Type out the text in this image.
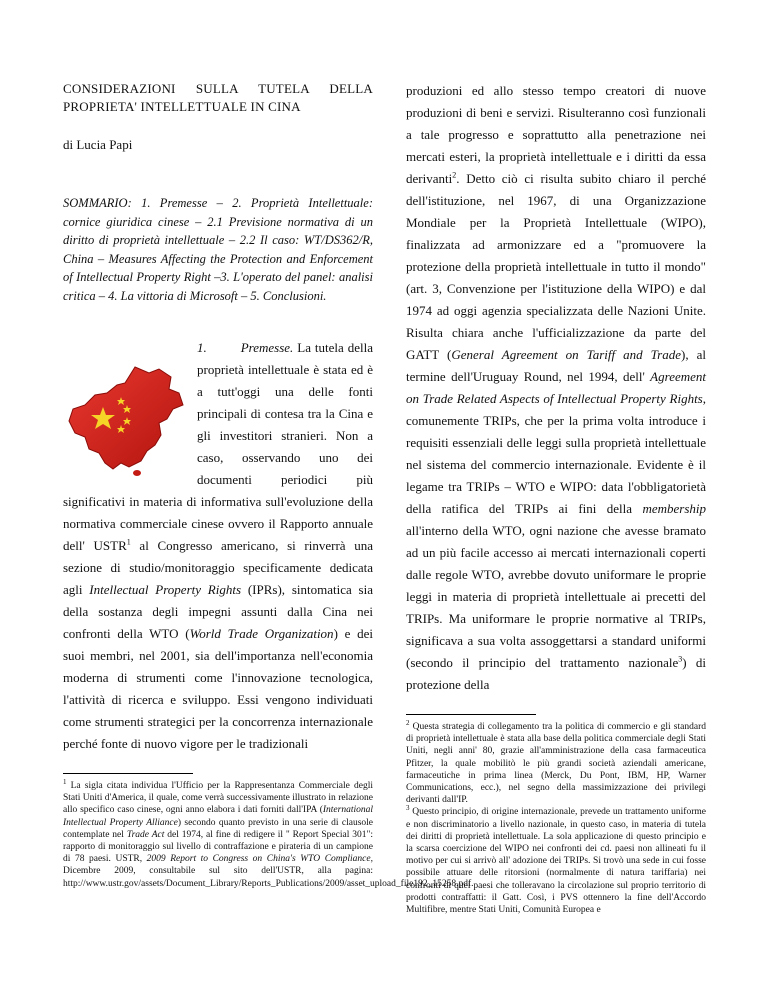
CONSIDERAZIONI SULLA TUTELA DELLA PROPRIETA' INTELLETTUALE IN CINA

di Lucia Papi

SOMMARIO: 1. Premesse – 2. Proprietà Intellettuale: cornice giuridica cinese – 2.1 Previsione normativa di un diritto di proprietà intellettuale – 2.2 Il caso: WT/DS362/R, China – Measures Affecting the Protection and Enforcement of Intellectual Property Right –3. L'operato del panel: analisi critica – 4. La vittoria di Microsoft – 5. Conclusioni.

1.	Premesse. La tutela della proprietà intellettuale è stata ed è a tutt'oggi una delle fonti principali di contesa tra la Cina e gli investitori stranieri. Non a caso, osservando uno dei documenti periodici più significativi in materia di informativa sull'evoluzione della normativa commerciale cinese ovvero il Rapporto annuale dell' USTR$^1$ al Congresso americano, si rinverrà una sezione di studio/monitoraggio specificamente dedicata agli Intellectual Property Rights (IPRs), sintomatica sia della sostanza degli impegni assunti dalla Cina nei confronti della WTO (World Trade Organization) e dei suoi membri, nel 2001, sia dell'importanza nell'economia moderna di strumenti come l'innovazione tecnologica, l'attività di ricerca e sviluppo. Essi vengono individuati come strumenti strategici per la concorrenza internazionale perché fonte di nuovo vigore per le tradizionali

$^1$ La sigla citata individua l'Ufficio per la Rappresentanza Commerciale degli Stati Uniti d'America, il quale, come verrà successivamente illustrato in relazione allo specifico caso cinese, ogni anno elabora i dati forniti dall'IPA (International Intellectual Property Alliance) secondo quanto previsto in una serie di clausole contemplate nel Trade Act del 1974, al fine di redigere il " Report Special 301": rapporto di monitoraggio sul livello di contraffazione e pirateria di un campione di 78 paesi. USTR, 2009 Report to Congress on China's WTO Compliance, Dicembre 2009, consultabile sul sito dell'USTR, alla pagina: http://www.ustr.gov/assets/Document_Library/Reports_Publications/2009/asset_upload_file192_15258.pdf.

produzioni ed allo stesso tempo creatori di nuove produzioni di beni e servizi. Risulteranno così funzionali a tale progresso e soprattutto alla penetrazione nei mercati esteri, la proprietà intellettuale e i diritti da essa derivanti$^2$. Detto ciò ci risulta subito chiaro il perché dell'istituzione, nel 1967, di una Organizzazione Mondiale per la Proprietà Intellettuale (WIPO), finalizzata ad armonizzare ed a "promuovere la protezione della proprietà intellettuale in tutto il mondo" (art. 3, Convenzione per l'istituzione della WIPO) e dal 1974 ad oggi agenzia specializzata delle Nazioni Unite. Risulta chiara anche l'ufficializzazione da parte del GATT (General Agreement on Tariff and Trade), al termine dell'Uruguay Round, nel 1994, dell' Agreement on Trade Related Aspects of Intellectual Property Rights, comunemente TRIPs, che per la prima volta introduce i requisiti essenziali delle leggi sulla proprietà intellettuale nel sistema del commercio internazionale. Evidente è il legame tra TRIPs – WTO e WIPO: data l'obbligatorietà della ratifica del TRIPs ai fini della membership all'interno della WTO, ogni nazione che avesse bramato ad un più facile accesso ai mercati internazionali coperti dalle regole WTO, avrebbe dovuto uniformare le proprie leggi in materia di proprietà intellettuale ai precetti del TRIPs. Ma uniformare le proprie normative al TRIPs, significava a sua volta assoggettarsi a standard uniformi (secondo il principio del trattamento nazionale$^3$) di protezione della

$^2$ Questa strategia di collegamento tra la politica di commercio e gli standard di proprietà intellettuale è stata alla base della politica commerciale degli Stati Uniti, negli anni' 80, grazie all'amministrazione della casa farmaceutica Pfitzer, la quale mobilitò le più grandi società aziendali americane, farmaceutiche in prima linea (Merck, Du Pont, IBM, HP, Warner Communications, ecc.), nel segno della massimizzazione dei privilegi derivanti dall'IP.

$^3$ Questo principio, di origine internazionale, prevede un trattamento uniforme e non discriminatorio a livello nazionale, in questo caso, in materia di tutela dei diritti di proprietà intellettuale. La sola applicazione di questo principio e la scarsa coercizione del WIPO nei confronti dei cd. paesi non allineati fu il motivo per cui si arrivò all' adozione dei TRIPs. Si trovò una sede in cui fosse possibile attuare delle ritorsioni (normalmente di natura tariffaria) nei confronti di quei paesi che tolleravano la circolazione sul proprio territorio di prodotti contraffatti: il Gatt. Così, i PVS ottennero la fine dell'Accordo Multifibre, mentre Stati Uniti, Comunità Europea e
